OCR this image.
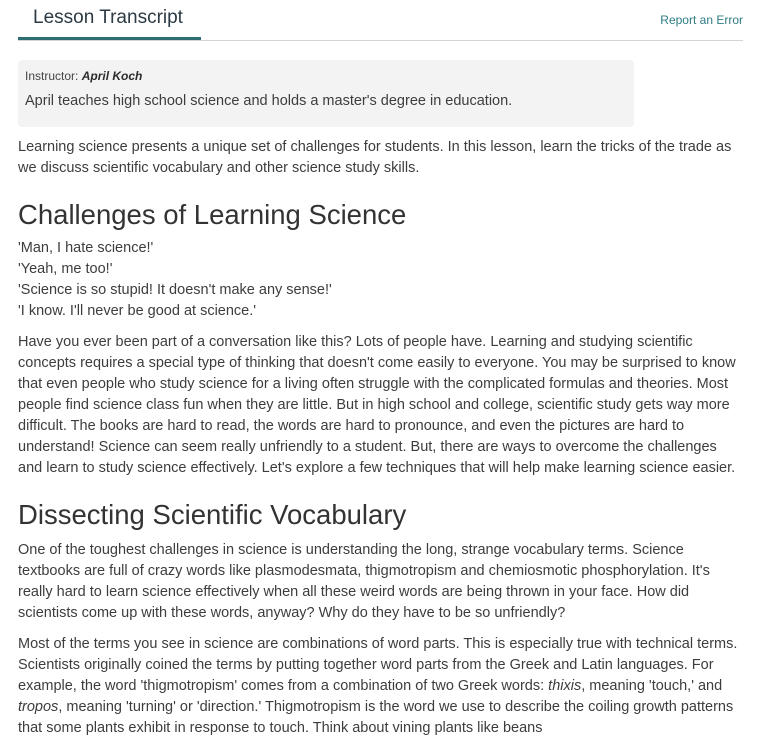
Lesson Transcript	Report an Error
Instructor: April Koch
April teaches high school science and holds a master's degree in education.

Learning science presents a unique set of challenges for students. In this lesson, learn the tricks of the trade as we discuss scientific vocabulary and other science study skills.

Challenges of Learning Science

'Man, I hate science!'
'Yeah, me too!'
'Science is so stupid! It doesn't make any sense!'
'I know. I'll never be good at science.'

Have you ever been part of a conversation like this? Lots of people have. Learning and studying scientific concepts requires a special type of thinking that doesn't come easily to everyone. You may be surprised to know that even people who study science for a living often struggle with the complicated formulas and theories. Most people find science class fun when they are little. But in high school and college, scientific study gets way more difficult. The books are hard to read, the words are hard to pronounce, and even the pictures are hard to understand! Science can seem really unfriendly to a student. But, there are ways to overcome the challenges and learn to study science effectively. Let's explore a few techniques that will help make learning science easier.

Dissecting Scientific Vocabulary

One of the toughest challenges in science is understanding the long, strange vocabulary terms. Science textbooks are full of crazy words like plasmodesmata, thigmotropism and chemiosmotic phosphorylation. It's really hard to learn science effectively when all these weird words are being thrown in your face. How did scientists come up with these words, anyway? Why do they have to be so unfriendly?

Most of the terms you see in science are combinations of word parts. This is especially true with technical terms. Scientists originally coined the terms by putting together word parts from the Greek and Latin languages. For example, the word 'thigmotropism' comes from a combination of two Greek words: thixis, meaning 'touch,' and tropos, meaning 'turning' or 'direction.' Thigmotropism is the word we use to describe the coiling growth patterns that some plants exhibit in response to touch. Think about vining plants like beans
